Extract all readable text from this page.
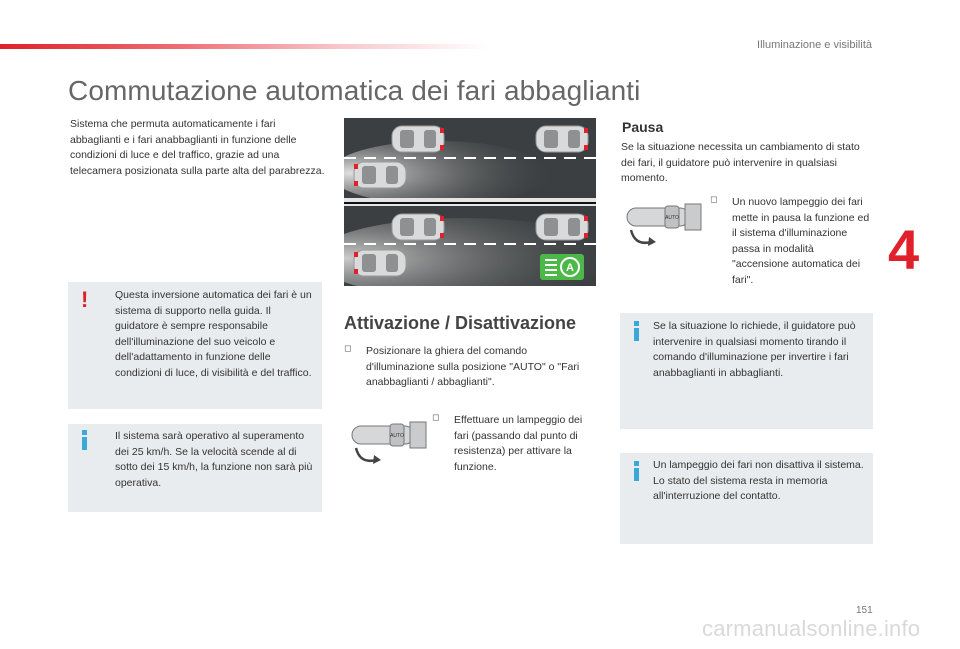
Illuminazione e visibilità
Commutazione automatica dei fari abbaglianti
4

Sistema che permuta automaticamente i fari abbaglianti e i fari anabbaglianti in funzione delle condizioni di luce e del traffico, grazie ad una telecamera posizionata sulla parte alta del parabrezza.

!	Questa inversione automatica dei fari è un sistema di supporto nella guida. Il guidatore è sempre responsabile dell'illuminazione del suo veicolo e dell'adattamento in funzione delle condizioni di luce, di visibilità e del traffico.

Il sistema sarà operativo al superamento dei 25 km/h. Se la velocità scende al di sotto dei 15 km/h, la funzione non sarà più operativa.

A
Attivazione / Disattivazione
◻ Posizionare la ghiera del comando d'illuminazione sulla posizione "AUTO" o "Fari anabbaglianti / abbaglianti".

AUTO
◻ Effettuare un lampeggio dei fari (passando dal punto di resistenza) per attivare la funzione.

Pausa

Se la situazione necessita un cambiamento di stato dei fari, il guidatore può intervenire in qualsiasi momento.

AUTO
◻ Un nuovo lampeggio dei fari mette in pausa la funzione ed il sistema d'illuminazione passa in modalità "accensione automatica dei fari".

Se la situazione lo richiede, il guidatore può intervenire in qualsiasi momento tirando il comando d'illuminazione per invertire i fari anabbaglianti in abbaglianti.

Un lampeggio dei fari non disattiva il sistema. Lo stato del sistema resta in memoria all'interruzione del contatto.

151
carmanualsonline.info
